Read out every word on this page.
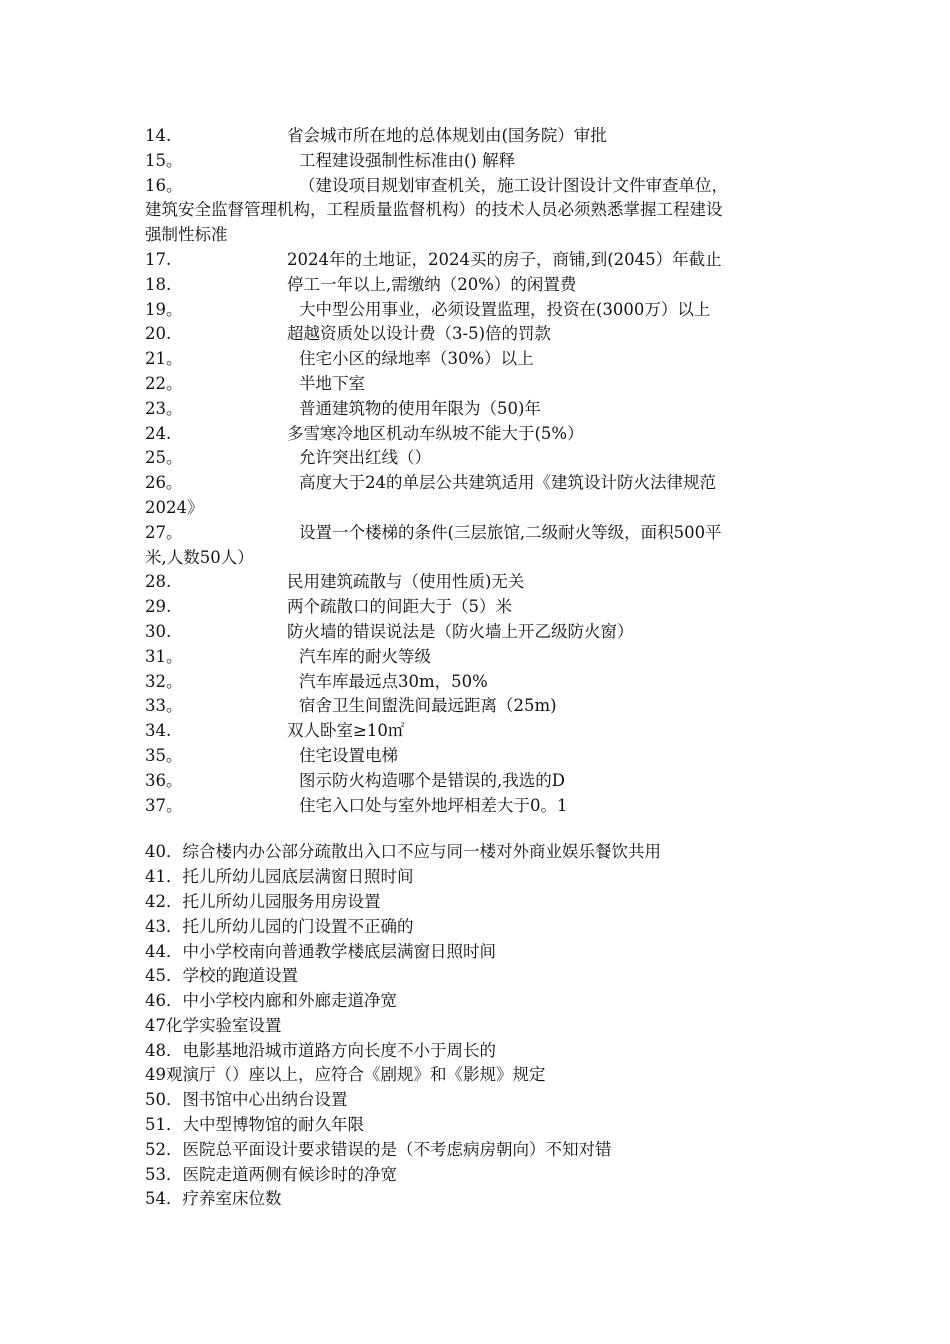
14.	省会城市所在地的总体规划由(国务院）审批
15。	工程建设强制性标准由() 解释
16。	（建设项目规划审查机关，施工设计图设计文件审查单位，
建筑安全监督管理机构，工程质量监督机构）的技术人员必须熟悉掌握工程建设
强制性标准
17.	2024年的土地证，2024买的房子，商铺,到(2045）年截止
18.	停工一年以上,需缴纳（20%）的闲置费
19。	大中型公用事业，必须设置监理，投资在(3000万）以上
20.	超越资质处以设计费（3-5)倍的罚款
21。	住宅小区的绿地率（30%）以上
22。	半地下室
23。	普通建筑物的使用年限为（50)年
24.	多雪寒冷地区机动车纵坡不能大于(5%）
25。	允许突出红线（）
26。	高度大于24的单层公共建筑适用《建筑设计防火法律规范
2024》
27。	设置一个楼梯的条件(三层旅馆,二级耐火等级，面积500平
米,人数50人）
28.	民用建筑疏散与（使用性质)无关
29.	两个疏散口的间距大于（5）米
30.	防火墙的错误说法是（防火墙上开乙级防火窗）
31。	汽车库的耐火等级
32。	汽车库最远点30m，50%
33。	宿舍卫生间盥洗间最远距离（25m)
34.	双人卧室≥10㎡
35。	住宅设置电梯
36。	图示防火构造哪个是错误的,我选的D
37。	住宅入口处与室外地坪相差大于0。1
40．综合楼内办公部分疏散出入口不应与同一楼对外商业娱乐餐饮共用
41．托儿所幼儿园底层满窗日照时间
42．托儿所幼儿园服务用房设置
43．托儿所幼儿园的门设置不正确的
44．中小学校南向普通教学楼底层满窗日照时间
45．学校的跑道设置
46．中小学校内廊和外廊走道净宽
47化学实验室设置
48．电影基地沿城市道路方向长度不小于周长的
49观演厅（）座以上，应符合《剧规》和《影规》规定
50．图书馆中心出纳台设置
51．大中型博物馆的耐久年限
52．医院总平面设计要求错误的是（不考虑病房朝向）不知对错
53．医院走道两侧有候诊时的净宽
54．疗养室床位数
